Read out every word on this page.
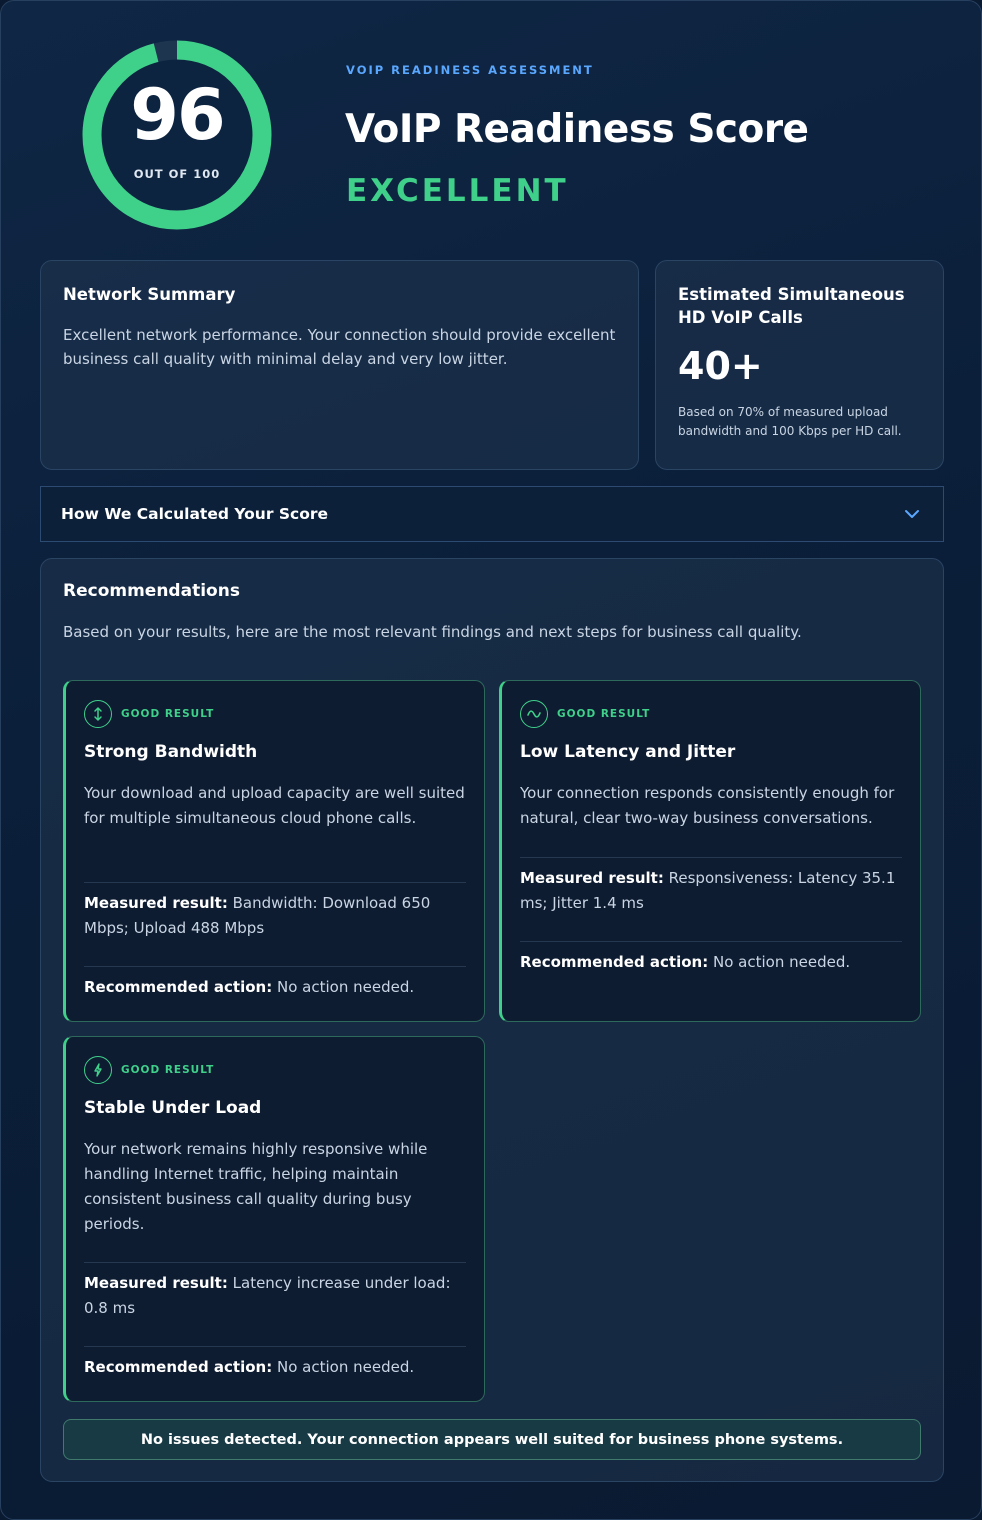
96
OUT OF 100
VOIP READINESS ASSESSMENT
VoIP Readiness Score
EXCELLENT
Network Summary
Excellent network performance. Your connection should provide excellent business call quality with minimal delay and very low jitter.
Estimated Simultaneous HD VoIP Calls
40+
Based on 70% of measured upload bandwidth and 100 Kbps per HD call.
How We Calculated Your Score
Recommendations
Based on your results, here are the most relevant findings and next steps for business call quality.
GOOD RESULT
Strong Bandwidth
Your download and upload capacity are well suited for multiple simultaneous cloud phone calls.
Measured result: Bandwidth: Download 650 Mbps; Upload 488 Mbps
Recommended action: No action needed.
GOOD RESULT
Low Latency and Jitter
Your connection responds consistently enough for natural, clear two-way business conversations.
Measured result: Responsiveness: Latency 35.1 ms; Jitter 1.4 ms
Recommended action: No action needed.
GOOD RESULT
Stable Under Load
Your network remains highly responsive while handling Internet traffic, helping maintain consistent business call quality during busy periods.
Measured result: Latency increase under load: 0.8 ms
Recommended action: No action needed.
No issues detected. Your connection appears well suited for business phone systems.
